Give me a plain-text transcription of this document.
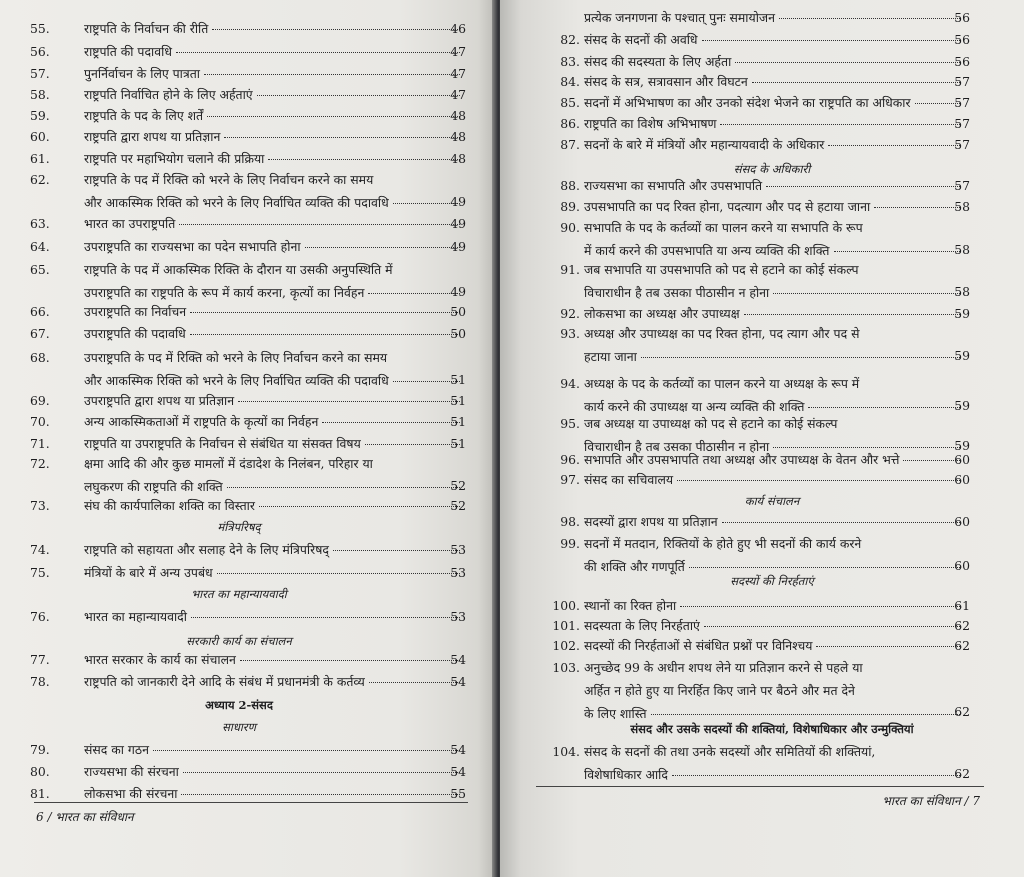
55.	राष्ट्रपति के निर्वाचन की रीति	46
56.	राष्ट्रपति की पदावधि	47
57.	पुनर्निर्वाचन के लिए पात्रता	47
58.	राष्ट्रपति निर्वाचित होने के लिए अर्हताएं	47
59.	राष्ट्रपति के पद के लिए शर्तें	48
60.	राष्ट्रपति द्वारा शपथ या प्रतिज्ञान	48
61.	राष्ट्रपति पर महाभियोग चलाने की प्रक्रिया	48
62.	राष्ट्रपति के पद में रिक्ति को भरने के लिए निर्वाचन करने का समय
और आकस्मिक रिक्ति को भरने के लिए निर्वाचित व्यक्ति की पदावधि	49
63.	भारत का उपराष्ट्रपति	49
64.	उपराष्ट्रपति का राज्यसभा का पदेन सभापति होना	49
65.	राष्ट्रपति के पद में आकस्मिक रिक्ति के दौरान या उसकी अनुपस्थिति में
उपराष्ट्रपति का राष्ट्रपति के रूप में कार्य करना, कृत्यों का निर्वहन	49
66.	उपराष्ट्रपति का निर्वाचन	50
67.	उपराष्ट्रपति की पदावधि	50
68.	उपराष्ट्रपति के पद में रिक्ति को भरने के लिए निर्वाचन करने का समय
और आकस्मिक रिक्ति को भरने के लिए निर्वाचित व्यक्ति की पदावधि	51
69.	उपराष्ट्रपति द्वारा शपथ या प्रतिज्ञान	51
70.	अन्य आकस्मिकताओं में राष्ट्रपति के कृत्यों का निर्वहन	51
71.	राष्ट्रपति या उपराष्ट्रपति के निर्वाचन से संबंधित या संसक्त विषय	51
72.	क्षमा आदि की और कुछ मामलों में दंडादेश के निलंबन, परिहार या
लघुकरण की राष्ट्रपति की शक्ति	52
73.	संघ की कार्यपालिका शक्ति का विस्तार	52
74.	राष्ट्रपति को सहायता और सलाह देने के लिए मंत्रिपरिषद्	53
75.	मंत्रियों के बारे में अन्य उपबंध	53
76.	भारत का महान्यायवादी	53
77.	भारत सरकार के कार्य का संचालन	54
78.	राष्ट्रपति को जानकारी देने आदि के संबंध में प्रधानमंत्री के कर्तव्य	54
79.	संसद का गठन	54
80.	राज्यसभा की संरचना	54
81.	लोकसभा की संरचना	55
मंत्रिपरिषद्
भारत का महान्यायवादी
सरकारी कार्य का संचालन
अध्याय 2-संसद
साधारण
6 / भारत का संविधान
प्रत्येक जनगणना के पश्चात् पुनः समायोजन	56
82. संसद के सदनों की अवधि	56
83. संसद की सदस्यता के लिए अर्हता	56
84. संसद के सत्र, सत्रावसान और विघटन	57
85. सदनों में अभिभाषण का और उनको संदेश भेजने का राष्ट्रपति का अधिकार	57
86. राष्ट्रपति का विशेष अभिभाषण	57
87. सदनों के बारे में मंत्रियों और महान्यायवादी के अधिकार	57
88. राज्यसभा का सभापति और उपसभापति	57
89. उपसभापति का पद रिक्त होना, पदत्याग और पद से हटाया जाना	58
90. सभापति के पद के कर्तव्यों का पालन करने या सभापति के रूप
में कार्य करने की उपसभापति या अन्य व्यक्ति की शक्ति	58
91. जब सभापति या उपसभापति को पद से हटाने का कोई संकल्प
विचाराधीन है तब उसका पीठासीन न होना	58
92. लोकसभा का अध्यक्ष और उपाध्यक्ष	59
93. अध्यक्ष और उपाध्यक्ष का पद रिक्त होना, पद त्याग और पद से
हटाया जाना	59
94. अध्यक्ष के पद के कर्तव्यों का पालन करने या अध्यक्ष के रूप में
कार्य करने की उपाध्यक्ष या अन्य व्यक्ति की शक्ति	59
95. जब अध्यक्ष या उपाध्यक्ष को पद से हटाने का कोई संकल्प
विचाराधीन है तब उसका पीठासीन न होना	59
96. सभापति और उपसभापति तथा अध्यक्ष और उपाध्यक्ष के वेतन और भत्ते	60
97. संसद का सचिवालय	60
98. सदस्यों द्वारा शपथ या प्रतिज्ञान	60
99. सदनों में मतदान, रिक्तियों के होते हुए भी सदनों की कार्य करने
की शक्ति और गणपूर्ति	60
100. स्थानों का रिक्त होना	61
101. सदस्यता के लिए निरर्हताएं	62
102. सदस्यों की निरर्हताओं से संबंधित प्रश्नों पर विनिश्चय	62
103. अनुच्छेद 99 के अधीन शपथ लेने या प्रतिज्ञान करने से पहले या
अर्हित न होते हुए या निरर्हित किए जाने पर बैठने और मत देने
के लिए शास्ति	62
104. संसद के सदनों की तथा उनके सदस्यों और समितियों की शक्तियां,
विशेषाधिकार आदि	62
संसद के अधिकारी
कार्य संचालन
सदस्यों की निरर्हताएं
संसद और उसके सदस्यों की शक्तियां, विशेषाधिकार और उन्मुक्तियां
भारत का संविधान / 7
